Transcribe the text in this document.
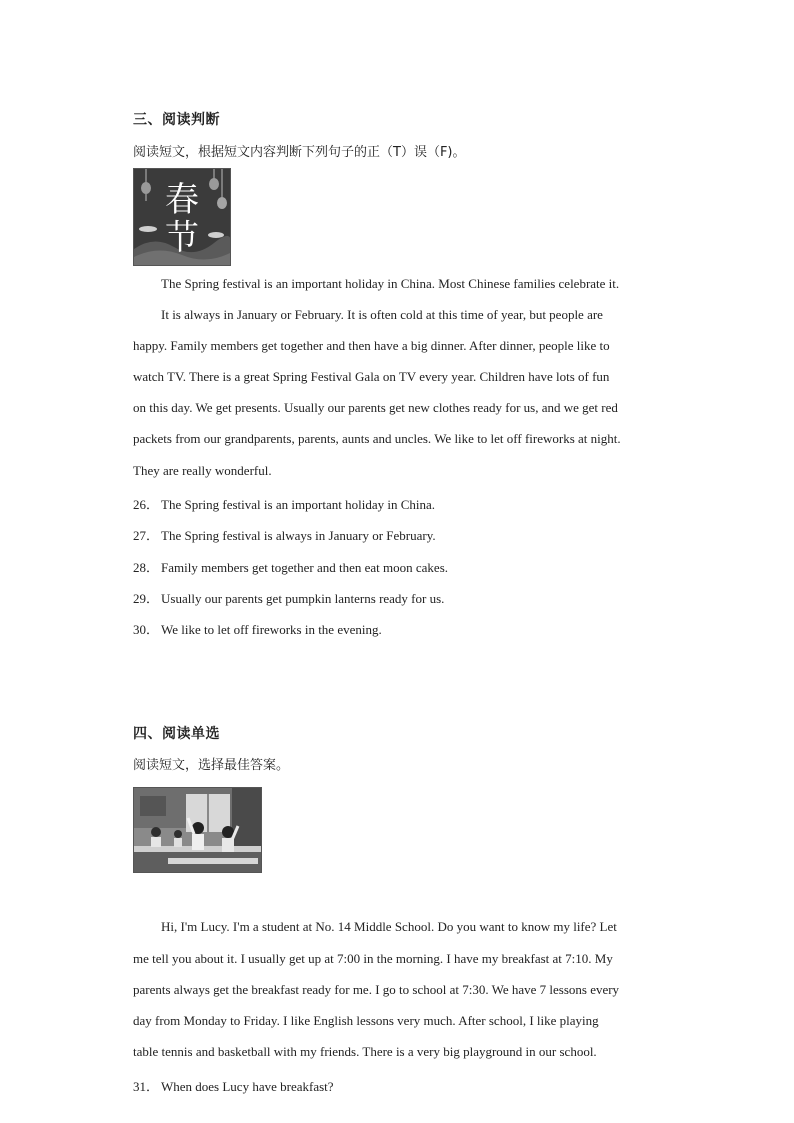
三、阅读判断
阅读短文，根据短文内容判断下列句子的正（T）误（F)。
春
节
The Spring festival is an important holiday in China. Most Chinese families celebrate it.
It is always in January or February. It is often cold at this time of year, but people are
happy. Family members get together and then have a big dinner. After dinner, people like to
watch TV. There is a great Spring Festival Gala on TV every year. Children have lots of fun
on this day. We get presents. Usually our parents get new clothes ready for us, and we get red
packets from our grandparents, parents, aunts and uncles. We like to let off fireworks at night.
They are really wonderful.
26． The Spring festival is an important holiday in China.
27． The Spring festival is always in January or February.
28． Family members get together and then eat moon cakes.
29． Usually our parents get pumpkin lanterns ready for us.
30． We like to let off fireworks in the evening.
四、阅读单选
阅读短文，选择最佳答案。
Hi, I'm Lucy. I'm a student at No. 14 Middle School. Do you want to know my life? Let
me tell you about it. I usually get up at 7:00 in the morning. I have my breakfast at 7:10. My
parents always get the breakfast ready for me. I go to school at 7:30. We have 7 lessons every
day from Monday to Friday. I like English lessons very much. After school, I like playing
table tennis and basketball with my friends. There is a very big playground in our school.
31． When does Lucy have breakfast?
